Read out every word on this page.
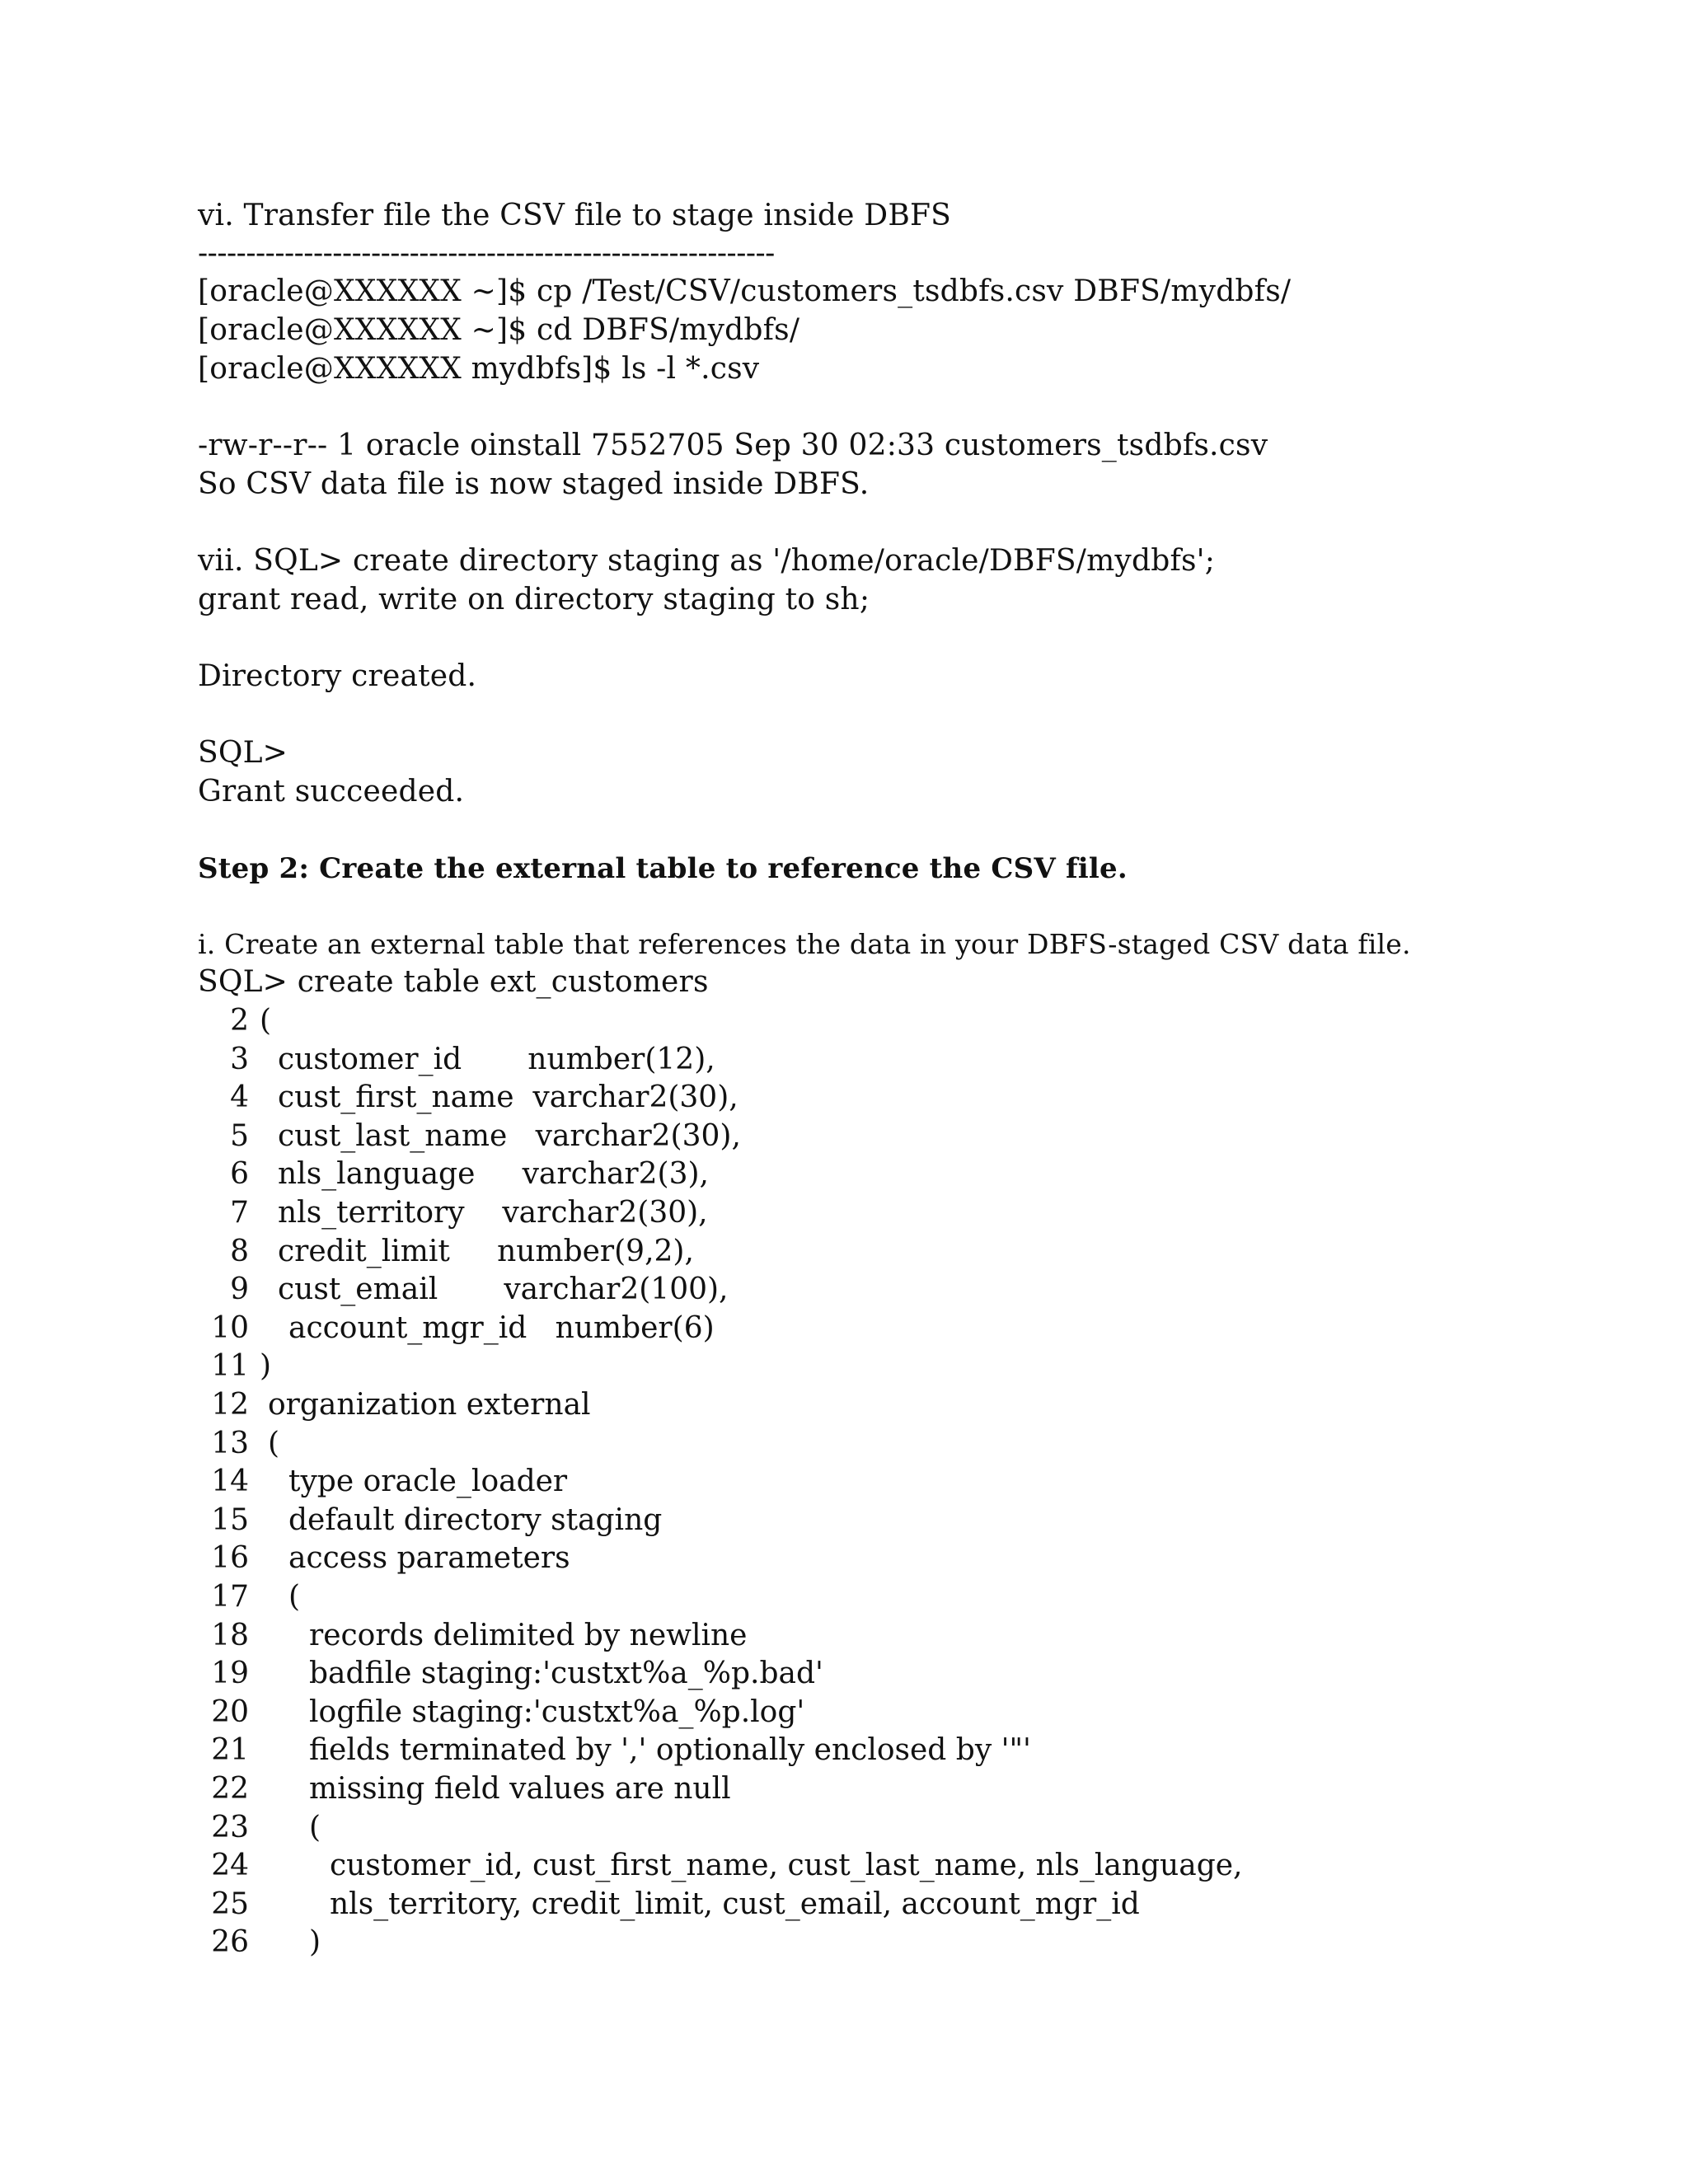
vi. Transfer file the CSV file to stage inside DBFS
------------------------------------------------------------
[oracle@XXXXXX ~]$ cp /Test/CSV/customers_tsdbfs.csv DBFS/mydbfs/
[oracle@XXXXXX ~]$ cd DBFS/mydbfs/
[oracle@XXXXXX mydbfs]$ ls -l *.csv
-rw-r--r-- 1 oracle oinstall 7552705 Sep 30 02:33 customers_tsdbfs.csv
So CSV data file is now staged inside DBFS.
vii. SQL> create directory staging as '/home/oracle/DBFS/mydbfs';
grant read, write on directory staging to sh;
Directory created.
SQL>
Grant succeeded.
Step 2: Create the external table to reference the CSV file.
i. Create an external table that references the data in your DBFS-staged CSV data file.
SQL> create table ext_customers
2 (
3 customer_id       number(12),
4 cust_first_name  varchar2(30),
5 cust_last_name   varchar2(30),
6 nls_language     varchar2(3),
7 nls_territory    varchar2(30),
8 credit_limit     number(9,2),
9 cust_email       varchar2(100),
10 account_mgr_id   number(6)
11 )
12 organization external
13 (
14 type oracle_loader
15 default directory staging
16 access parameters
17 (
18 records delimited by newline
19 badfile staging:'custxt%a_%p.bad'
20 logfile staging:'custxt%a_%p.log'
21 fields terminated by ',' optionally enclosed by '"'
22 missing field values are null
23 (
24	customer_id, cust_first_name, cust_last_name, nls_language,
25	nls_territory, credit_limit, cust_email, account_mgr_id
26 )
